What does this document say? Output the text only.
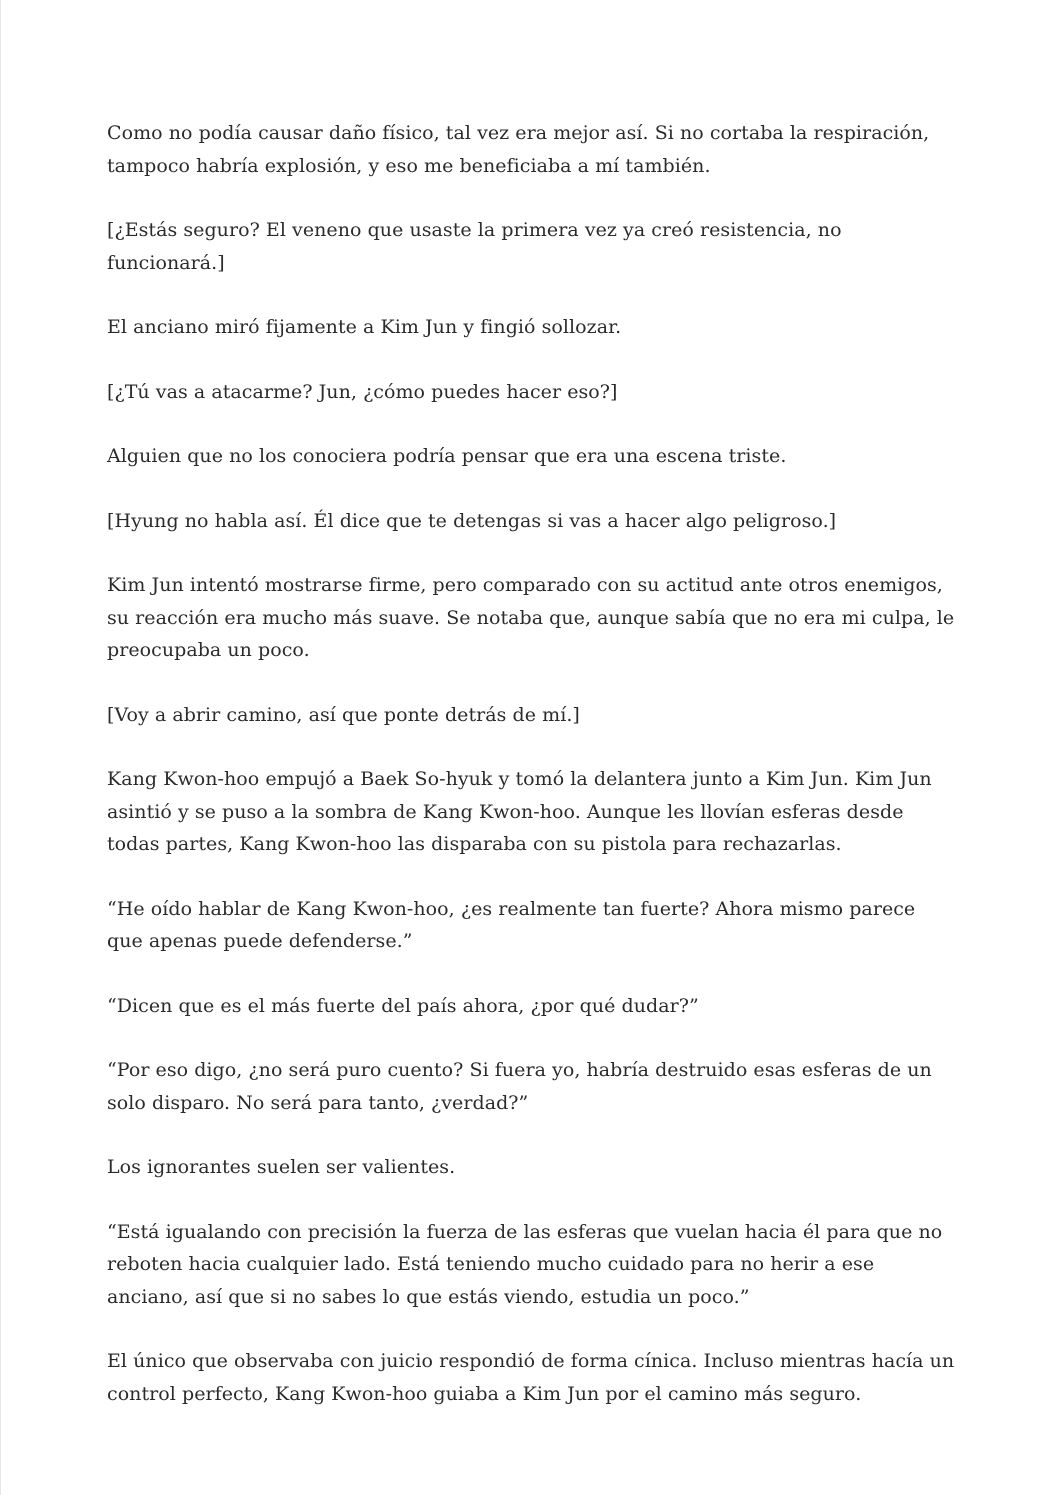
Como no podía causar daño físico, tal vez era mejor así. Si no cortaba la respiración, tampoco habría explosión, y eso me beneficiaba a mí también.

[¿Estás seguro? El veneno que usaste la primera vez ya creó resistencia, no funcionará.]

El anciano miró fijamente a Kim Jun y fingió sollozar.

[¿Tú vas a atacarme? Jun, ¿cómo puedes hacer eso?]

Alguien que no los conociera podría pensar que era una escena triste.

[Hyung no habla así. Él dice que te detengas si vas a hacer algo peligroso.]

Kim Jun intentó mostrarse firme, pero comparado con su actitud ante otros enemigos, su reacción era mucho más suave. Se notaba que, aunque sabía que no era mi culpa, le preocupaba un poco.

[Voy a abrir camino, así que ponte detrás de mí.]

Kang Kwon-hoo empujó a Baek So-hyuk y tomó la delantera junto a Kim Jun. Kim Jun asintió y se puso a la sombra de Kang Kwon-hoo. Aunque les llovían esferas desde todas partes, Kang Kwon-hoo las disparaba con su pistola para rechazarlas.

“He oído hablar de Kang Kwon-hoo, ¿es realmente tan fuerte? Ahora mismo parece que apenas puede defenderse.”

“Dicen que es el más fuerte del país ahora, ¿por qué dudar?”

“Por eso digo, ¿no será puro cuento? Si fuera yo, habría destruido esas esferas de un solo disparo. No será para tanto, ¿verdad?”

Los ignorantes suelen ser valientes.

“Está igualando con precisión la fuerza de las esferas que vuelan hacia él para que no reboten hacia cualquier lado. Está teniendo mucho cuidado para no herir a ese anciano, así que si no sabes lo que estás viendo, estudia un poco.”

El único que observaba con juicio respondió de forma cínica. Incluso mientras hacía un control perfecto, Kang Kwon-hoo guiaba a Kim Jun por el camino más seguro.
